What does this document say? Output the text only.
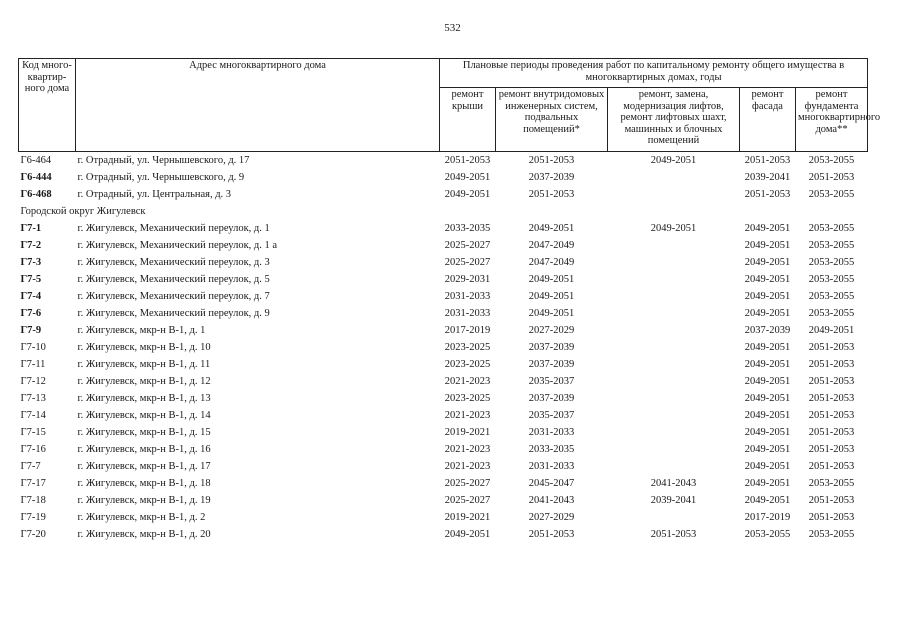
532
Код много-квартир-ного дома	Адрес многоквартирного дома	Плановые периоды проведения работ по капитальному ремонту общего имущества в многоквартирных домах, годы				
		ремонт крыши	ремонт внутридомовых инженерных систем, подвальных помещений*	ремонт, замена, модернизация лифтов, ремонт лифтовых шахт, машинных и блочных помещений	ремонт фасада	ремонт фундамента многоквартирного дома**
Г6-464	г. Отрадный, ул. Чернышевского, д. 17	2051-2053	2051-2053	2049-2051	2051-2053	2053-2055
Г6-444	г. Отрадный, ул. Чернышевского, д. 9	2049-2051	2037-2039		2039-2041	2051-2053
Г6-468	г. Отрадный, ул. Центральная, д. 3	2049-2051	2051-2053		2051-2053	2053-2055
Городской округ Жигулевск						
Г7-1	г. Жигулевск, Механический переулок, д. 1	2033-2035	2049-2051	2049-2051	2049-2051	2053-2055
Г7-2	г. Жигулевск, Механический переулок, д. 1 а	2025-2027	2047-2049		2049-2051	2053-2055
Г7-3	г. Жигулевск, Механический переулок, д. 3	2025-2027	2047-2049		2049-2051	2053-2055
Г7-5	г. Жигулевск, Механический переулок, д. 5	2029-2031	2049-2051		2049-2051	2053-2055
Г7-4	г. Жигулевск, Механический переулок, д. 7	2031-2033	2049-2051		2049-2051	2053-2055
Г7-6	г. Жигулевск, Механический переулок, д. 9	2031-2033	2049-2051		2049-2051	2053-2055
Г7-9	г. Жигулевск, мкр-н В-1, д. 1	2017-2019	2027-2029		2037-2039	2049-2051
Г7-10	г. Жигулевск, мкр-н В-1, д. 10	2023-2025	2037-2039		2049-2051	2051-2053
Г7-11	г. Жигулевск, мкр-н В-1, д. 11	2023-2025	2037-2039		2049-2051	2051-2053
Г7-12	г. Жигулевск, мкр-н В-1, д. 12	2021-2023	2035-2037		2049-2051	2051-2053
Г7-13	г. Жигулевск, мкр-н В-1, д. 13	2023-2025	2037-2039		2049-2051	2051-2053
Г7-14	г. Жигулевск, мкр-н В-1, д. 14	2021-2023	2035-2037		2049-2051	2051-2053
Г7-15	г. Жигулевск, мкр-н В-1, д. 15	2019-2021	2031-2033		2049-2051	2051-2053
Г7-16	г. Жигулевск, мкр-н В-1, д. 16	2021-2023	2033-2035		2049-2051	2051-2053
Г7-7	г. Жигулевск, мкр-н В-1, д. 17	2021-2023	2031-2033		2049-2051	2051-2053
Г7-17	г. Жигулевск, мкр-н В-1, д. 18	2025-2027	2045-2047	2041-2043	2049-2051	2053-2055
Г7-18	г. Жигулевск, мкр-н В-1, д. 19	2025-2027	2041-2043	2039-2041	2049-2051	2051-2053
Г7-19	г. Жигулевск, мкр-н В-1, д. 2	2019-2021	2027-2029		2017-2019	2051-2053
Г7-20	г. Жигулевск, мкр-н В-1, д. 20	2049-2051	2051-2053	2051-2053	2053-2055	2053-2055
